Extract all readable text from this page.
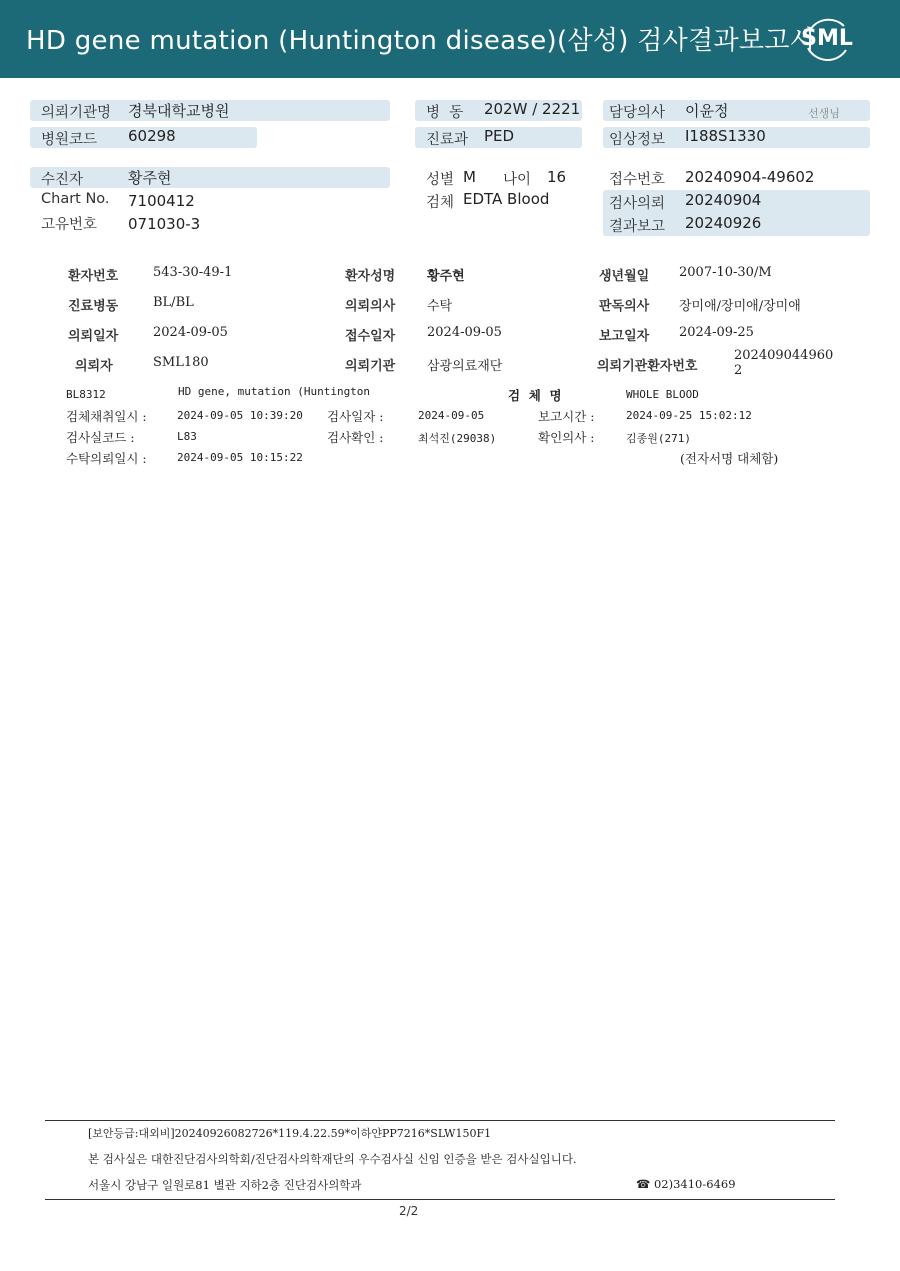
HD gene mutation (Huntington disease)(삼성) 검사결과보고서
SML
의뢰기관명 경북대학교병원
병원코드 60298
병  동 202W / 2221
진료과 PED
담당의사 이윤정	선생님
임상정보 I188S1330
수진자	황주현
Chart No. 7100412
고유번호 071030-3
성별 M 나이 16
검체 EDTA Blood
접수번호 20240904-49602
검사의뢰 20240904
결과보고 20240926
환자번호	543-30-49-1	환자성명 황주현	생년월일 2007-10-30/M
진료병동	BL/BL	의뢰의사 수탁	판독의사 장미애/장미애/장미애
의뢰일자	2024-09-05	접수일자 2024-09-05	보고일자 2024-09-25
의뢰자	SML180	의뢰기관 삼광의료재단	의뢰기관환자번호
202409044960
2
BL8312	HD gene, mutation (Huntington	검  체  명	WHOLE BLOOD
검체채취일시 :	2024-09-05 10:39:20 검사일자 :	2024-09-05	보고시간 :	2024-09-25 15:02:12
검사실코드 :	L83	검사확인 :	최석진(29038)	확인의사 :	김종원(271)
수탁의뢰일시 :	2024-09-05 10:15:22	(전자서명 대체함)
[보안등급:대외비]20240926082726*119.4.22.59*이하얀PP7216*SLW150F1
본 검사실은 대한진단검사의학회/진단검사의학재단의 우수검사실 신임 인증을 받은 검사실입니다.
서울시 강남구 일원로81 별관 지하2층 진단검사의학과	☎ 02)3410-6469
2/2
